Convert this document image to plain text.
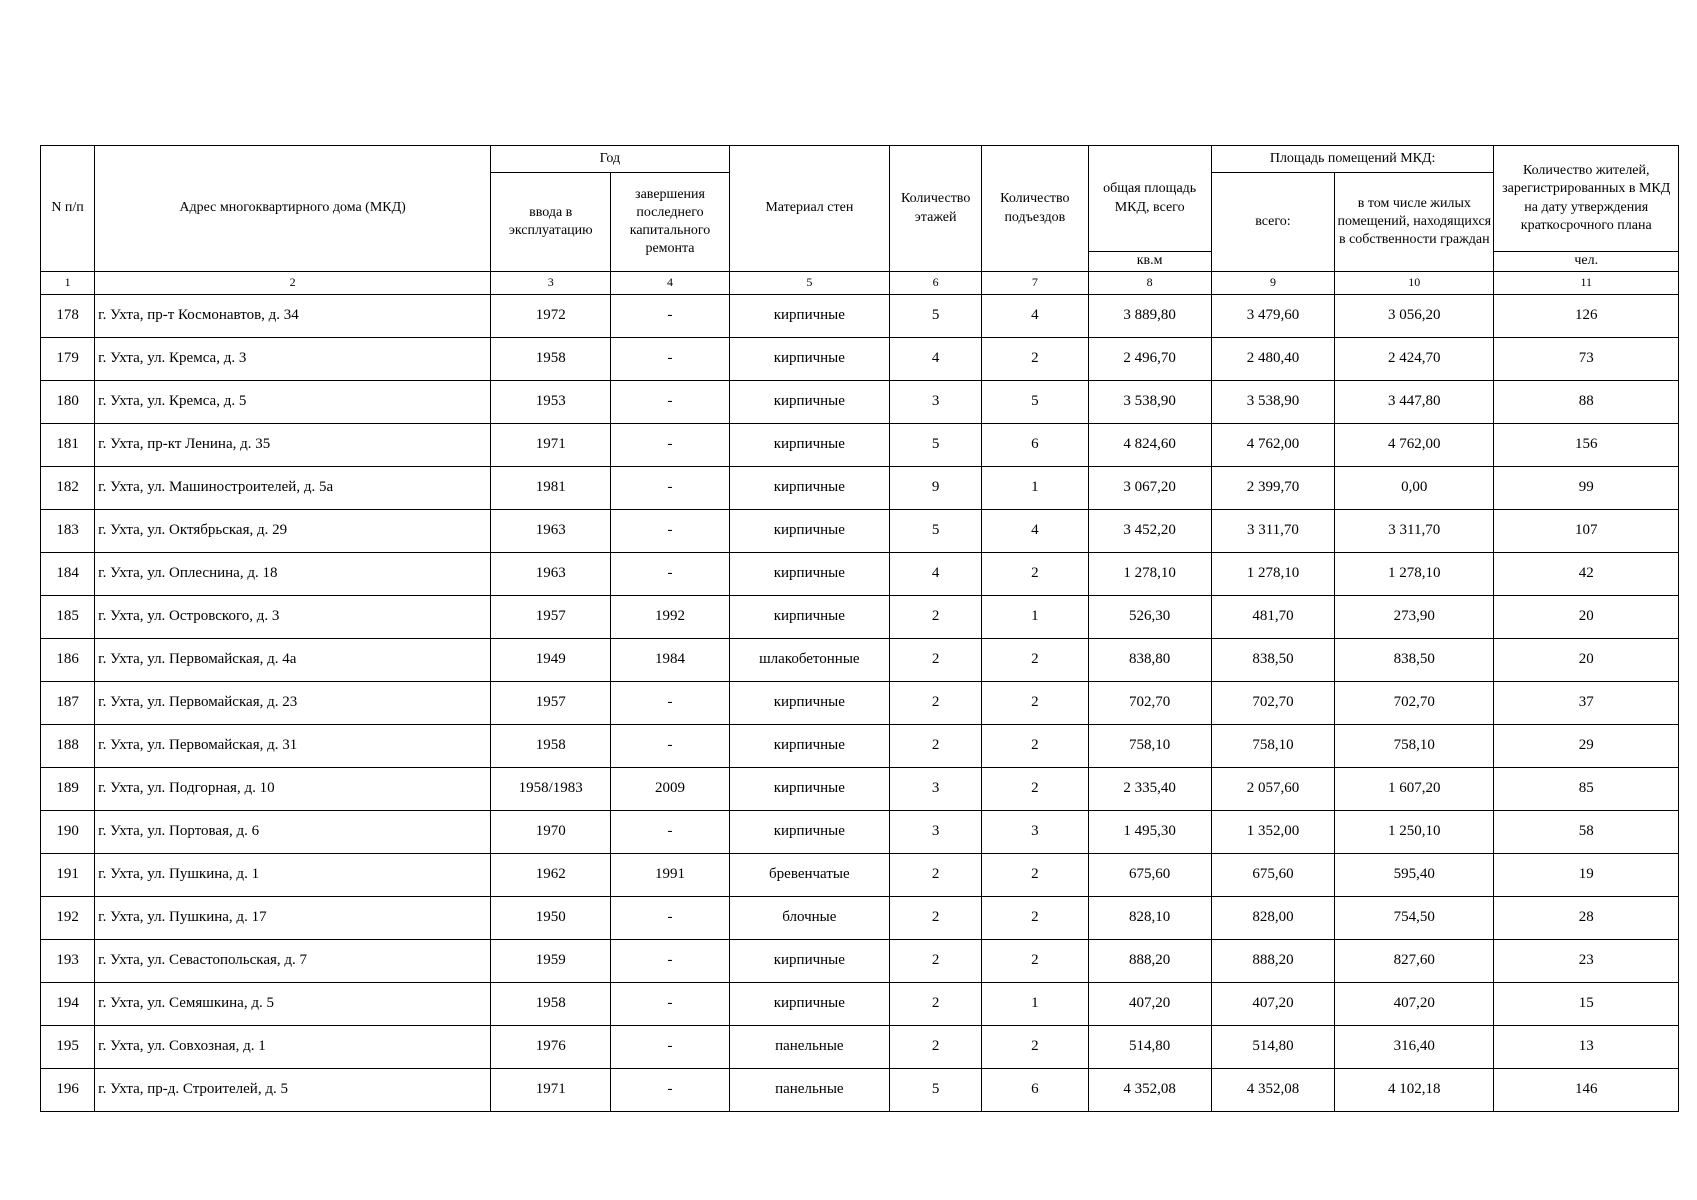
N п/п	Адрес многоквартирного дома (МКД)	Год		Материал стен	Количество этажей	Количество подъездов	общая площадь МКД, всего	Площадь помещений МКД:		Количество жителей, зарегистрированных в МКД на дату утверждения краткосрочного плана
		ввода в эксплуатацию	завершения последнего капитального ремонта					всего:	в том числе жилых помещений, находящихся в собственности граждан	
							кв.м			чел.
1	2	3	4	5	6	7	8	9	10	11
178	г. Ухта, пр-т Космонавтов, д. 34	1972	-	кирпичные	5	4	3 889,80	3 479,60	3 056,20	126
179	г. Ухта, ул. Кремса, д. 3	1958	-	кирпичные	4	2	2 496,70	2 480,40	2 424,70	73
180	г. Ухта, ул. Кремса, д. 5	1953	-	кирпичные	3	5	3 538,90	3 538,90	3 447,80	88
181	г. Ухта, пр-кт Ленина, д. 35	1971	-	кирпичные	5	6	4 824,60	4 762,00	4 762,00	156
182	г. Ухта, ул. Машиностроителей, д. 5а	1981	-	кирпичные	9	1	3 067,20	2 399,70	0,00	99
183	г. Ухта, ул. Октябрьская, д. 29	1963	-	кирпичные	5	4	3 452,20	3 311,70	3 311,70	107
184	г. Ухта, ул. Оплеснина, д. 18	1963	-	кирпичные	4	2	1 278,10	1 278,10	1 278,10	42
185	г. Ухта, ул. Островского, д. 3	1957	1992	кирпичные	2	1	526,30	481,70	273,90	20
186	г. Ухта, ул. Первомайская, д. 4а	1949	1984	шлакобетонные	2	2	838,80	838,50	838,50	20
187	г. Ухта, ул. Первомайская, д. 23	1957	-	кирпичные	2	2	702,70	702,70	702,70	37
188	г. Ухта, ул. Первомайская, д. 31	1958	-	кирпичные	2	2	758,10	758,10	758,10	29
189	г. Ухта, ул. Подгорная, д. 10	1958/1983	2009	кирпичные	3	2	2 335,40	2 057,60	1 607,20	85
190	г. Ухта, ул. Портовая, д. 6	1970	-	кирпичные	3	3	1 495,30	1 352,00	1 250,10	58
191	г. Ухта, ул. Пушкина, д. 1	1962	1991	бревенчатые	2	2	675,60	675,60	595,40	19
192	г. Ухта, ул. Пушкина, д. 17	1950	-	блочные	2	2	828,10	828,00	754,50	28
193	г. Ухта, ул. Севастопольская, д. 7	1959	-	кирпичные	2	2	888,20	888,20	827,60	23
194	г. Ухта, ул. Семяшкина, д. 5	1958	-	кирпичные	2	1	407,20	407,20	407,20	15
195	г. Ухта, ул. Совхозная, д. 1	1976	-	панельные	2	2	514,80	514,80	316,40	13
196	г. Ухта, пр-д. Строителей, д. 5	1971	-	панельные	5	6	4 352,08	4 352,08	4 102,18	146
